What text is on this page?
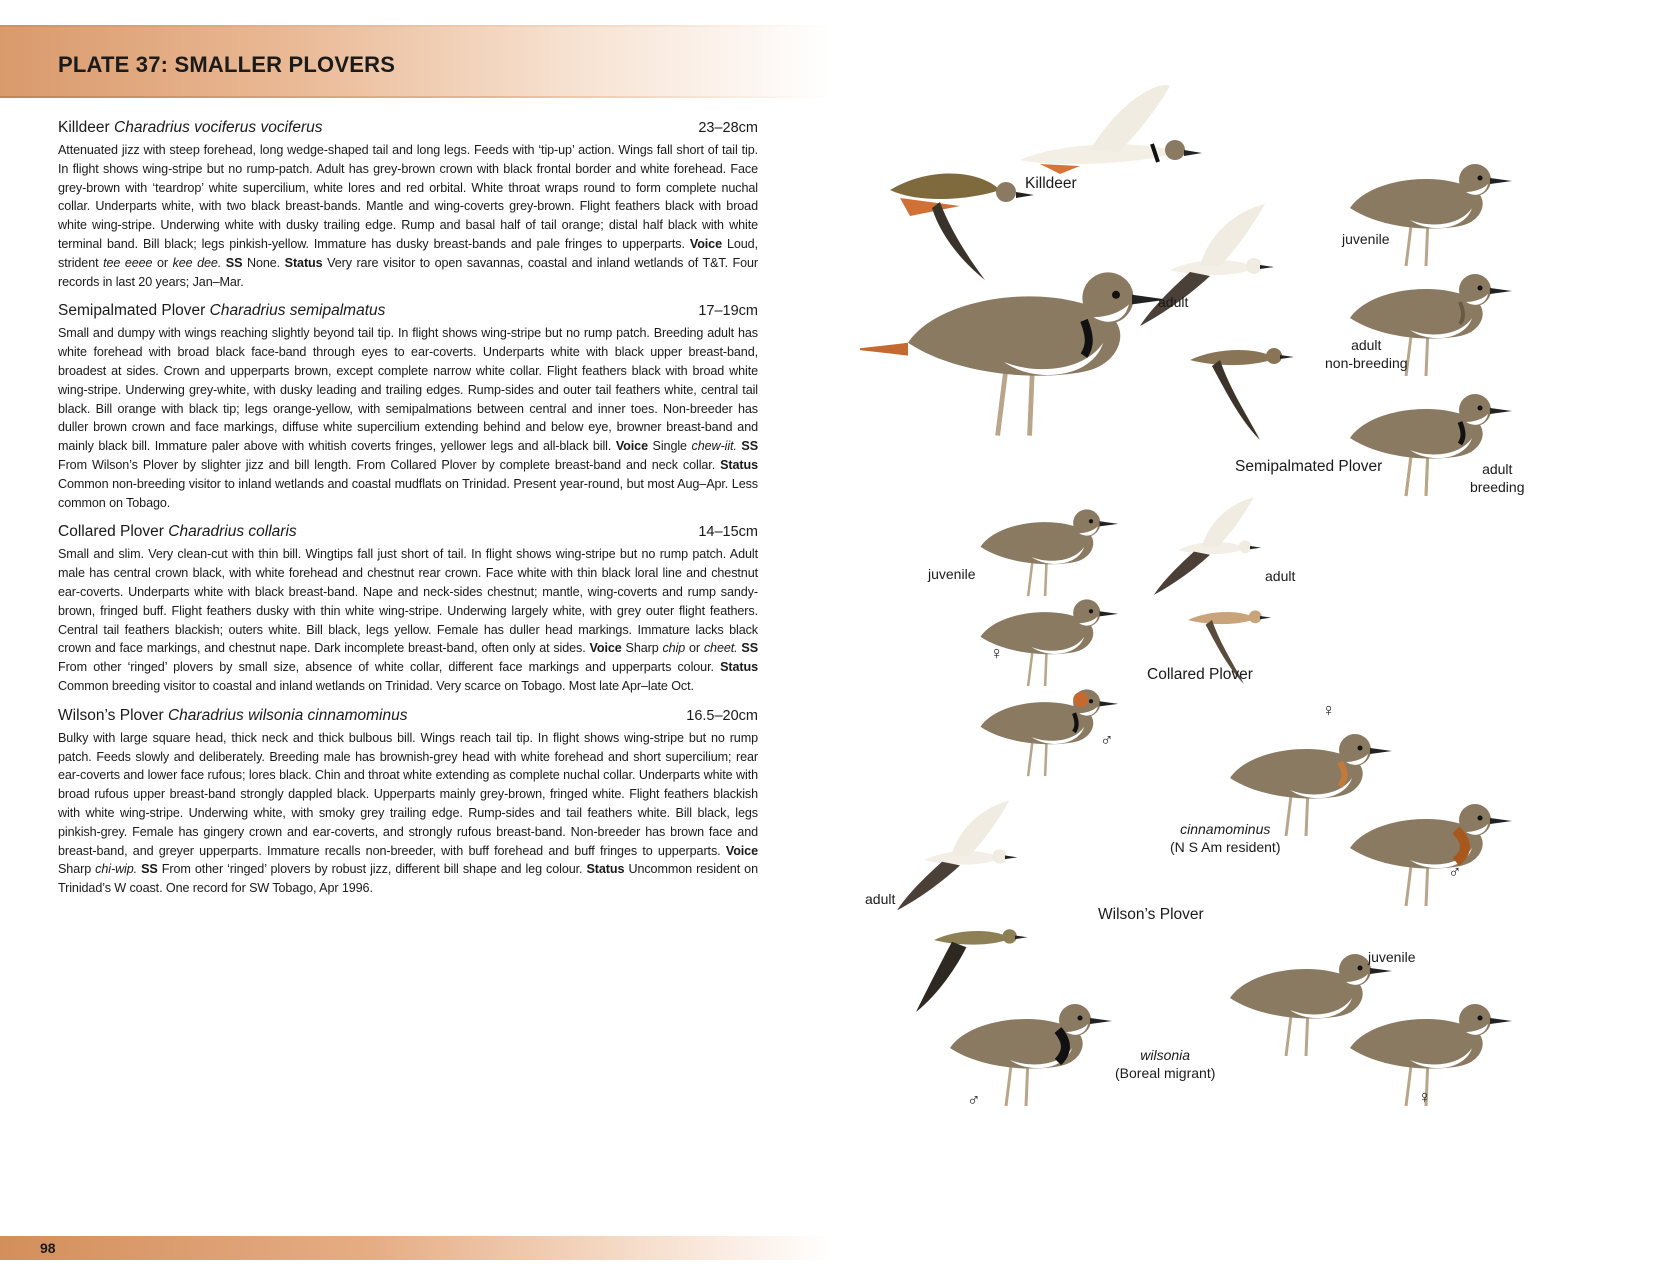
PLATE 37: SMALLER PLOVERS
Killdeer Charadrius vociferus vociferus	23–28cm

Attenuated jizz with steep forehead, long wedge-shaped tail and long legs. Feeds with ‘tip-up’ action. Wings fall short of tail tip. In flight shows wing-stripe but no rump-patch. Adult has grey-brown crown with black frontal border and white forehead. Face grey-brown with ‘teardrop’ white supercilium, white lores and red orbital. White throat wraps round to form complete nuchal collar. Underparts white, with two black breast-bands. Mantle and wing-coverts grey-brown. Flight feathers black with broad white wing-stripe. Underwing white with dusky trailing edge. Rump and basal half of tail orange; distal half black with white terminal band. Bill black; legs pinkish-yellow. Immature has dusky breast-bands and pale fringes to upperparts. Voice Loud, strident tee eeee or kee dee. SS None. Status Very rare visitor to open savannas, coastal and inland wetlands of T&T. Four records in last 20 years; Jan–Mar.

Semipalmated Plover Charadrius semipalmatus	17–19cm

Small and dumpy with wings reaching slightly beyond tail tip. In flight shows wing-stripe but no rump patch. Breeding adult has white forehead with broad black face-band through eyes to ear-coverts. Underparts white with black upper breast-band, broadest at sides. Crown and upperparts brown, except complete narrow white collar. Flight feathers black with broad white wing-stripe. Underwing grey-white, with dusky leading and trailing edges. Rump-sides and outer tail feathers white, central tail black. Bill orange with black tip; legs orange-yellow, with semipalmations between central and inner toes. Non-breeder has duller brown crown and face markings, diffuse white supercilium extending behind and below eye, browner breast-band and mainly black bill. Immature paler above with whitish coverts fringes, yellower legs and all-black bill. Voice Single chew-iit. SS From Wilson’s Plover by slighter jizz and bill length. From Collared Plover by complete breast-band and neck collar. Status Common non-breeding visitor to inland wetlands and coastal mudflats on Trinidad. Present year-round, but most Aug–Apr. Less common on Tobago.

Collared Plover Charadrius collaris	14–15cm

Small and slim. Very clean-cut with thin bill. Wingtips fall just short of tail. In flight shows wing-stripe but no rump patch. Adult male has central crown black, with white forehead and chestnut rear crown. Face white with thin black loral line and chestnut ear-coverts. Underparts white with black breast-band. Nape and neck-sides chestnut; mantle, wing-coverts and rump sandy-brown, fringed buff. Flight feathers dusky with thin white wing-stripe. Underwing largely white, with grey outer flight feathers. Central tail feathers blackish; outers white. Bill black, legs yellow. Female has duller head markings. Immature lacks black crown and face markings, and chestnut nape. Dark incomplete breast-band, often only at sides. Voice Sharp chip or cheet. SS From other ‘ringed’ plovers by small size, absence of white collar, different face markings and upperparts colour. Status Common breeding visitor to coastal and inland wetlands on Trinidad. Very scarce on Tobago. Most late Apr–late Oct.

Wilson’s Plover Charadrius wilsonia cinnamominus	16.5–20cm

Bulky with large square head, thick neck and thick bulbous bill. Wings reach tail tip. In flight shows wing-stripe but no rump patch. Feeds slowly and deliberately. Breeding male has brownish-grey head with white forehead and short supercilium; rear ear-coverts and lower face rufous; lores black. Chin and throat white extending as complete nuchal collar. Underparts white with broad rufous upper breast-band strongly dappled black. Upperparts mainly grey-brown, fringed white. Flight feathers blackish with white wing-stripe. Underwing white, with smoky grey trailing edge. Rump-sides and tail feathers white. Bill black, legs pinkish-grey. Female has gingery crown and ear-coverts, and strongly rufous breast-band. Non-breeder has brown face and breast-band, and greyer upperparts. Immature recalls non-breeder, with buff forehead and buff fringes to upperparts. Voice Sharp chi-wip. SS From other ‘ringed’ plovers by robust jizz, different bill shape and leg colour. Status Uncommon resident on Trinidad’s W coast. One record for SW Tobago, Apr 1996.

98
Killdeer
adult
juvenile
adult
non-breeding
Semipalmated Plover	adult
breeding
juvenile	adult
♀
Collared Plover
♂
♀
cinnamominus
(N S Am resident)
♂
adult
Wilson’s Plover
juvenile
wilsonia
(Boreal migrant)
♂	♀
